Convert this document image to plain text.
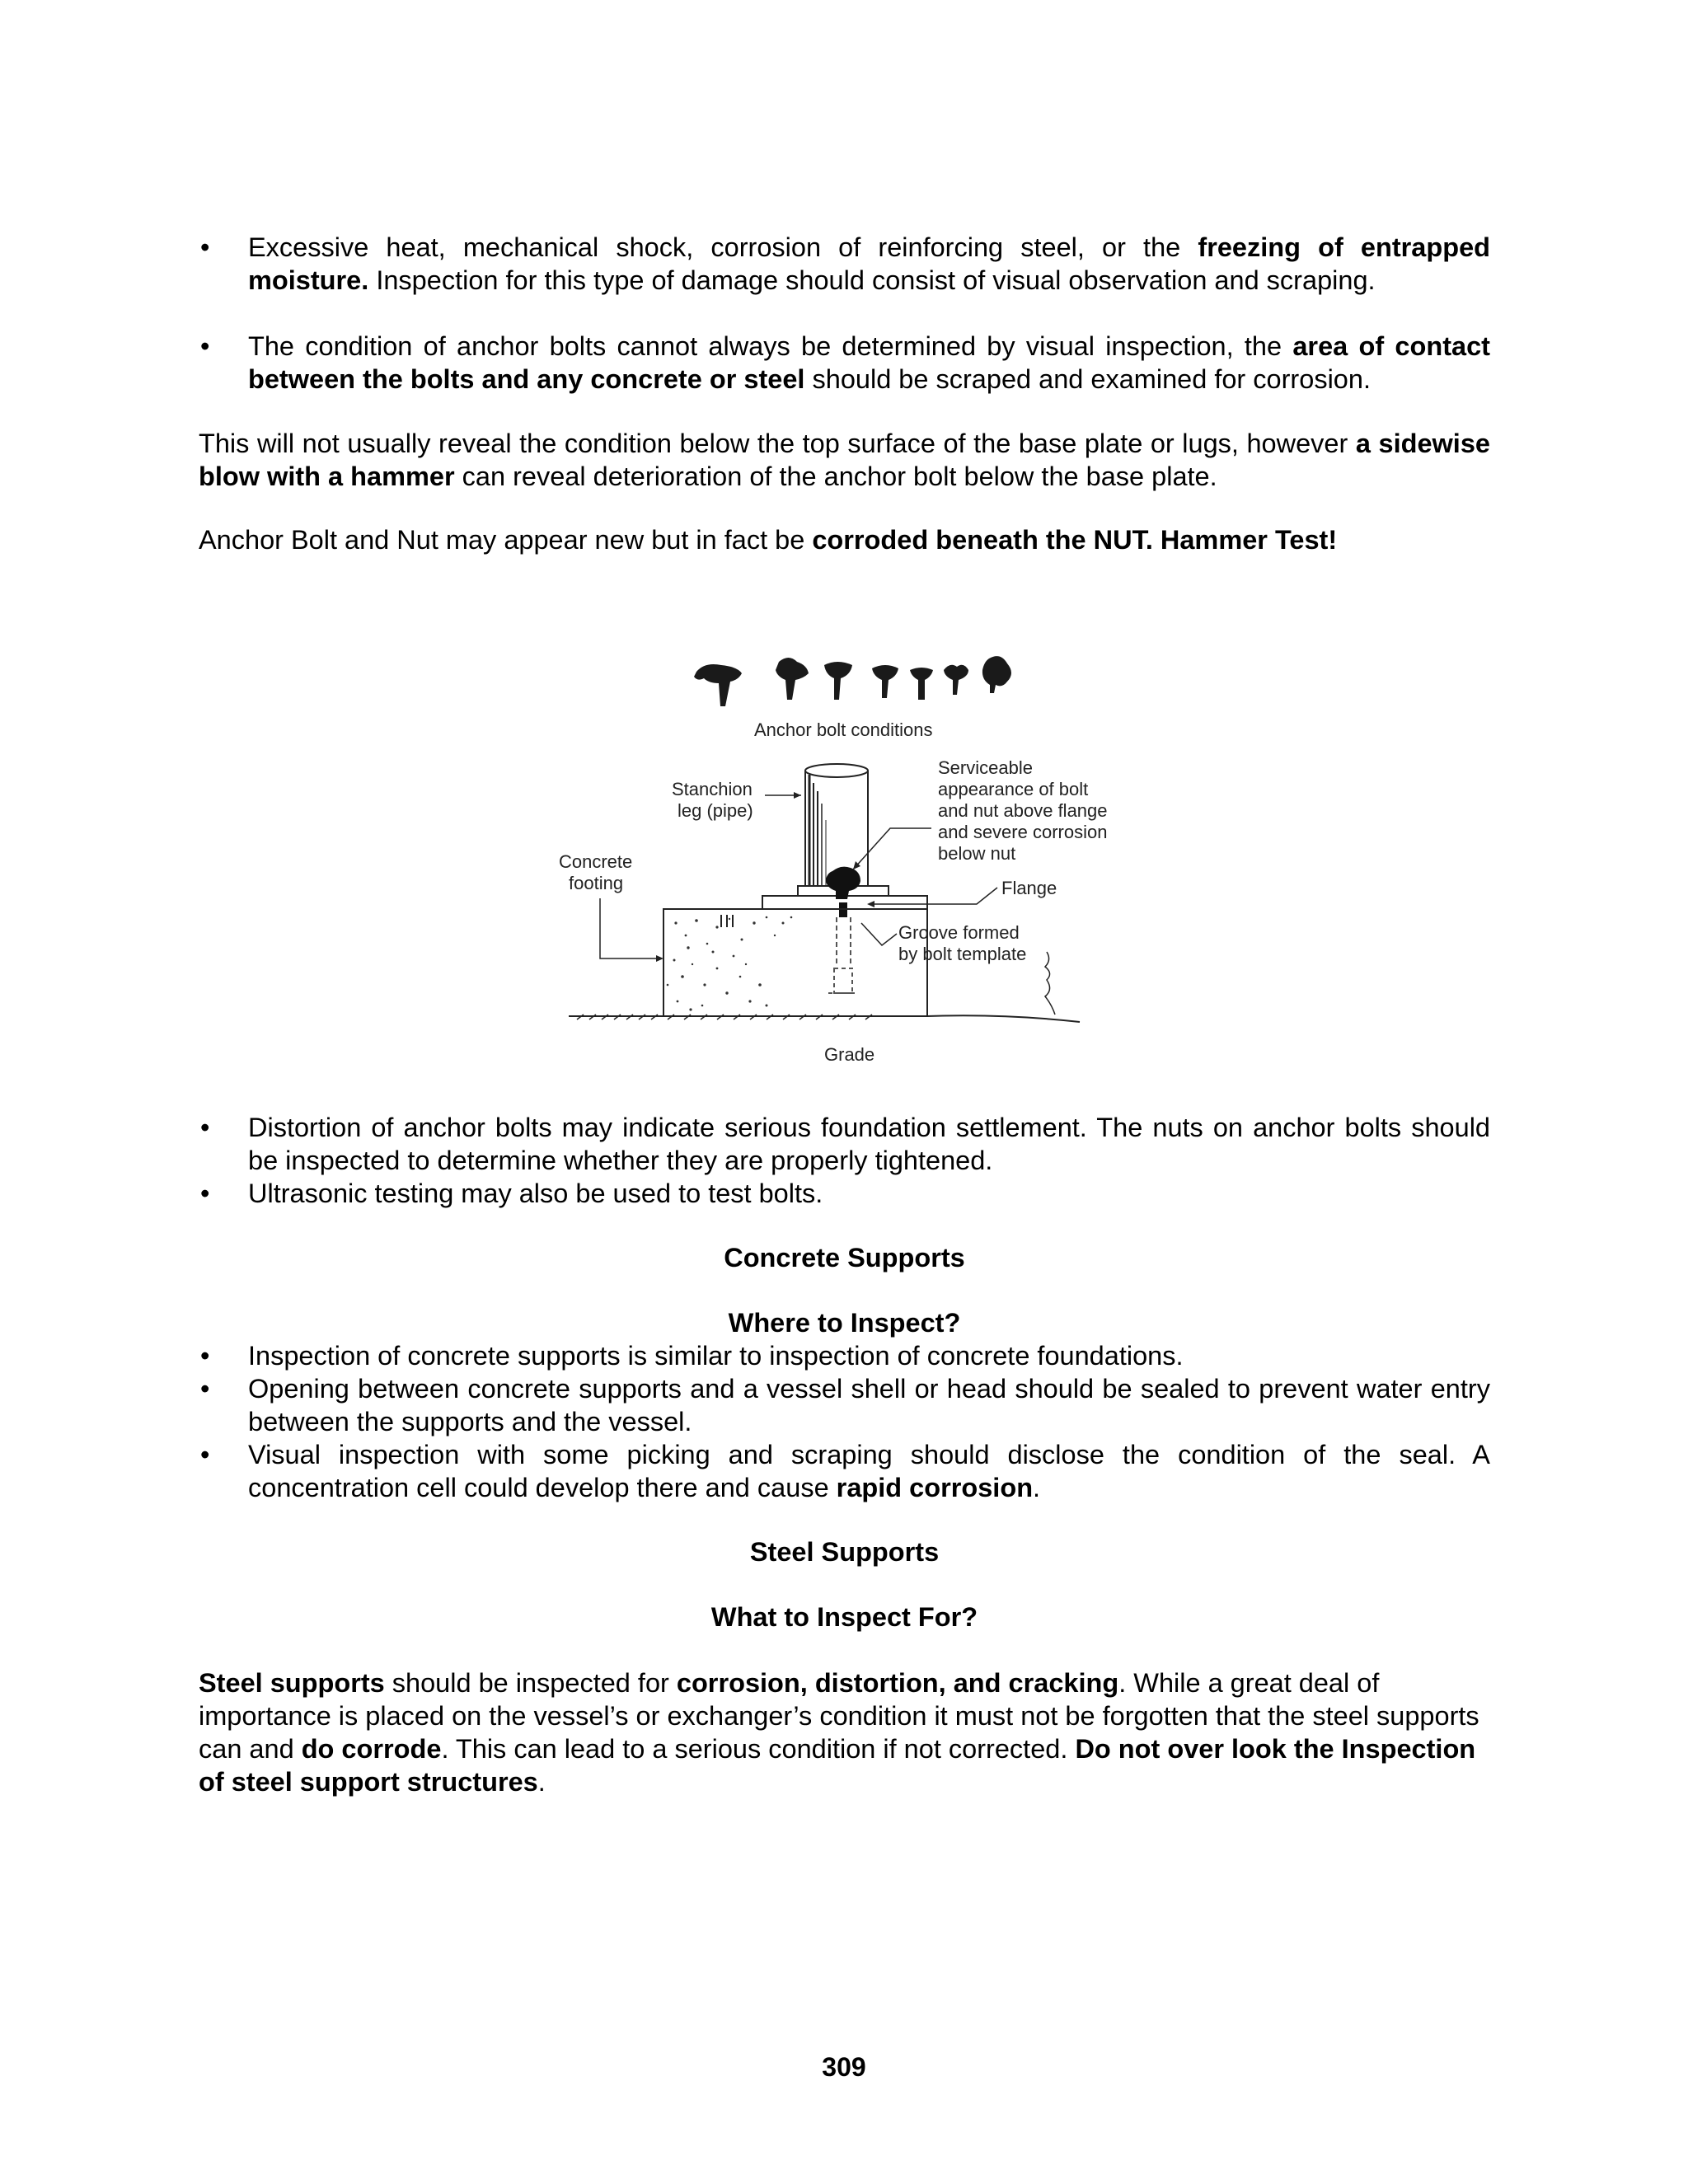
• Excessive heat, mechanical shock, corrosion of reinforcing steel, or the freezing of entrapped moisture. Inspection for this type of damage should consist of visual observation and scraping.
• The condition of anchor bolts cannot always be determined by visual inspection, the area of contact between the bolts and any concrete or steel should be scraped and examined for corrosion.

This will not usually reveal the condition below the top surface of the base plate or lugs, however a sidewise blow with a hammer can reveal deterioration of the anchor bolt below the base plate.

Anchor Bolt and Nut may appear new but in fact be corroded beneath the NUT. Hammer Test!

Anchor bolt conditions
Stanchion leg (pipe)
Serviceable appearance of bolt and nut above flange and severe corrosion below nut
Concrete footing	Flange
Groove formed by bolt template
Grade
• Distortion of anchor bolts may indicate serious foundation settlement. The nuts on anchor bolts should be inspected to determine whether they are properly tightened.
• Ultrasonic testing may also be used to test bolts.
Concrete Supports
Where to Inspect?
• Inspection of concrete supports is similar to inspection of concrete foundations.
• Opening between concrete supports and a vessel shell or head should be sealed to prevent water entry between the supports and the vessel.
• Visual inspection with some picking and scraping should disclose the condition of the seal. A concentration cell could develop there and cause rapid corrosion.
Steel Supports
What to Inspect For?

Steel supports should be inspected for corrosion, distortion, and cracking. While a great deal of importance is placed on the vessel’s or exchanger’s condition it must not be forgotten that the steel supports can and do corrode. This can lead to a serious condition if not corrected. Do not over look the Inspection of steel support structures.

309
